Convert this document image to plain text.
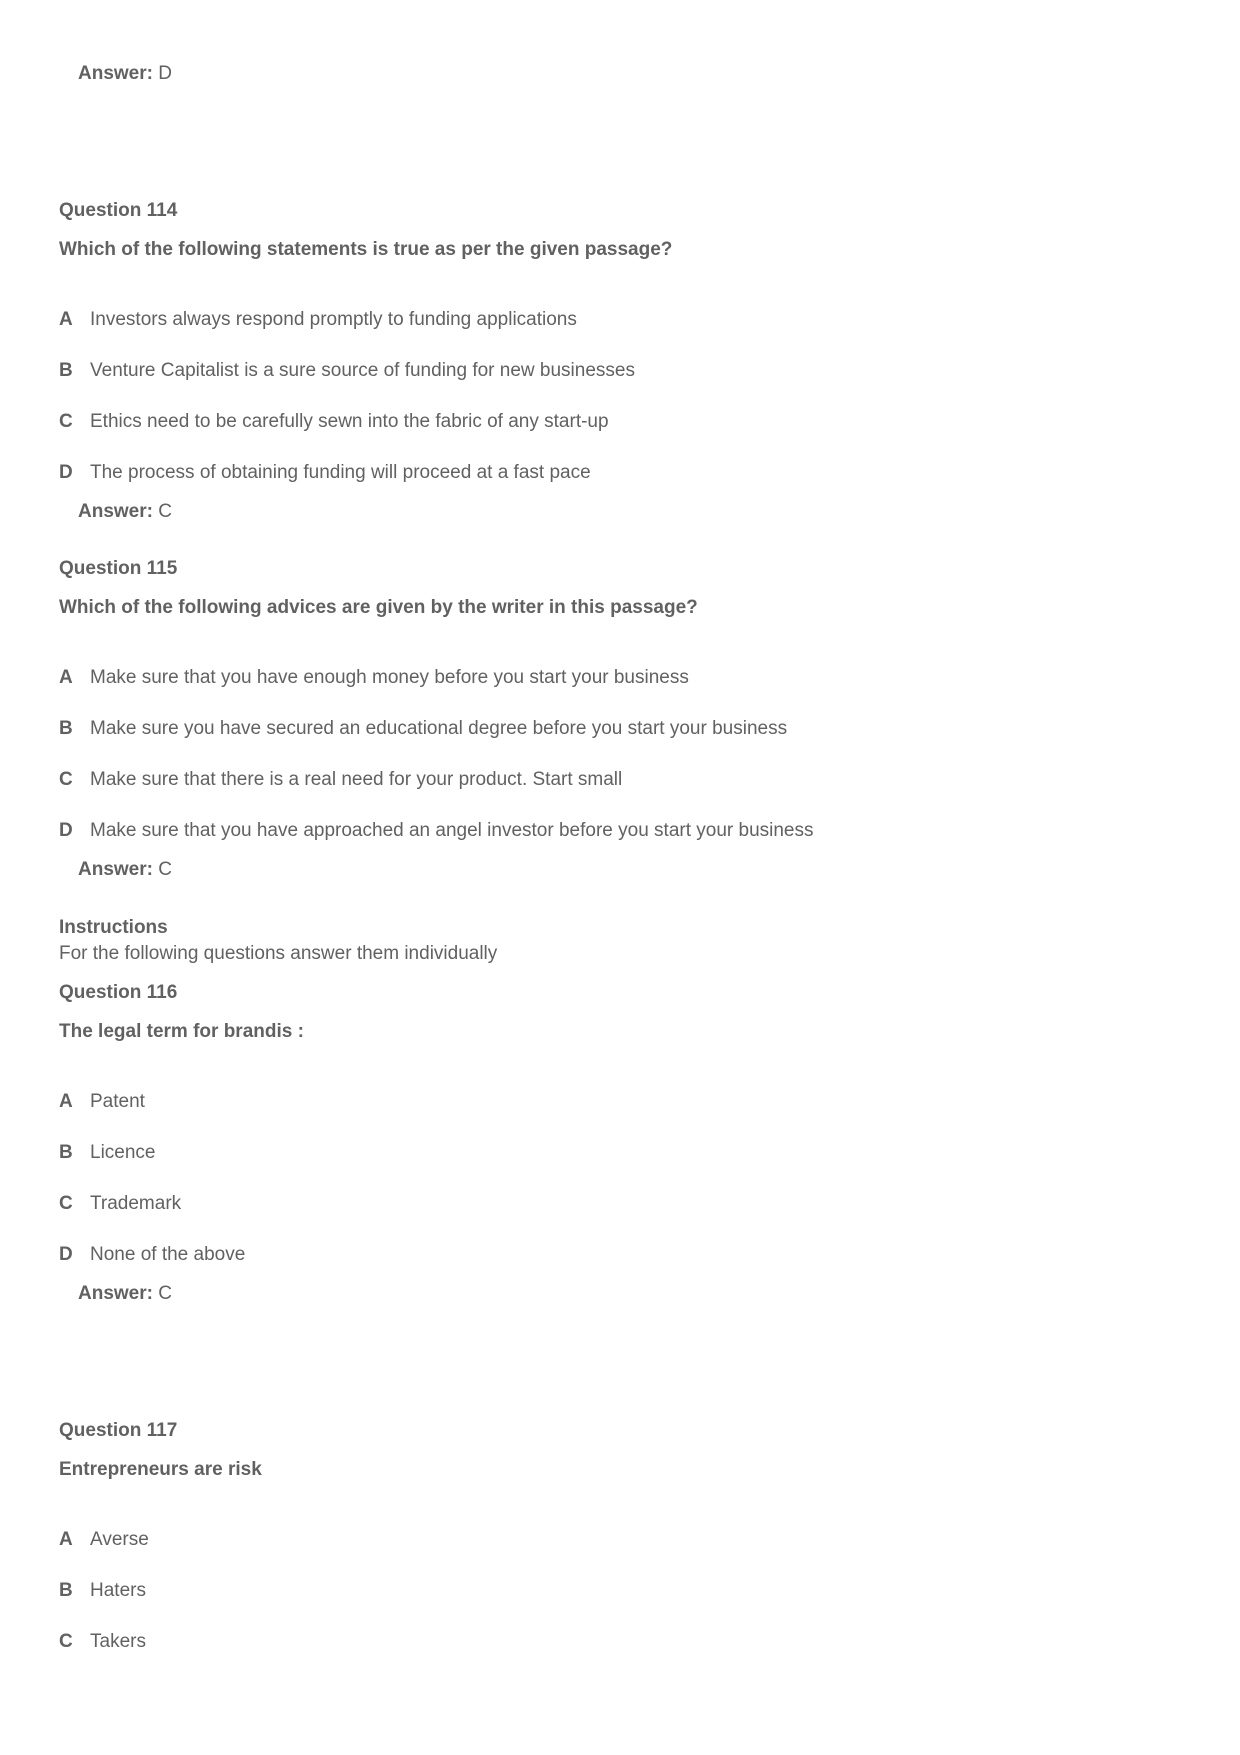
Answer: D
Question 114
Which of the following statements is true as per the given passage?
A Investors always respond promptly to funding applications
B Venture Capitalist is a sure source of funding for new businesses
C Ethics need to be carefully sewn into the fabric of any start-up
D The process of obtaining funding will proceed at a fast pace
Answer: C
Question 115
Which of the following advices are given by the writer in this passage?
A Make sure that you have enough money before you start your business
B Make sure you have secured an educational degree before you start your business
C Make sure that there is a real need for your product. Start small
D Make sure that you have approached an angel investor before you start your business
Answer: C
Instructions
For the following questions answer them individually
Question 116
The legal term for brandis :
A Patent
B Licence
C Trademark
D None of the above
Answer: C
Question 117
Entrepreneurs are risk
A Averse
B Haters
C Takers
